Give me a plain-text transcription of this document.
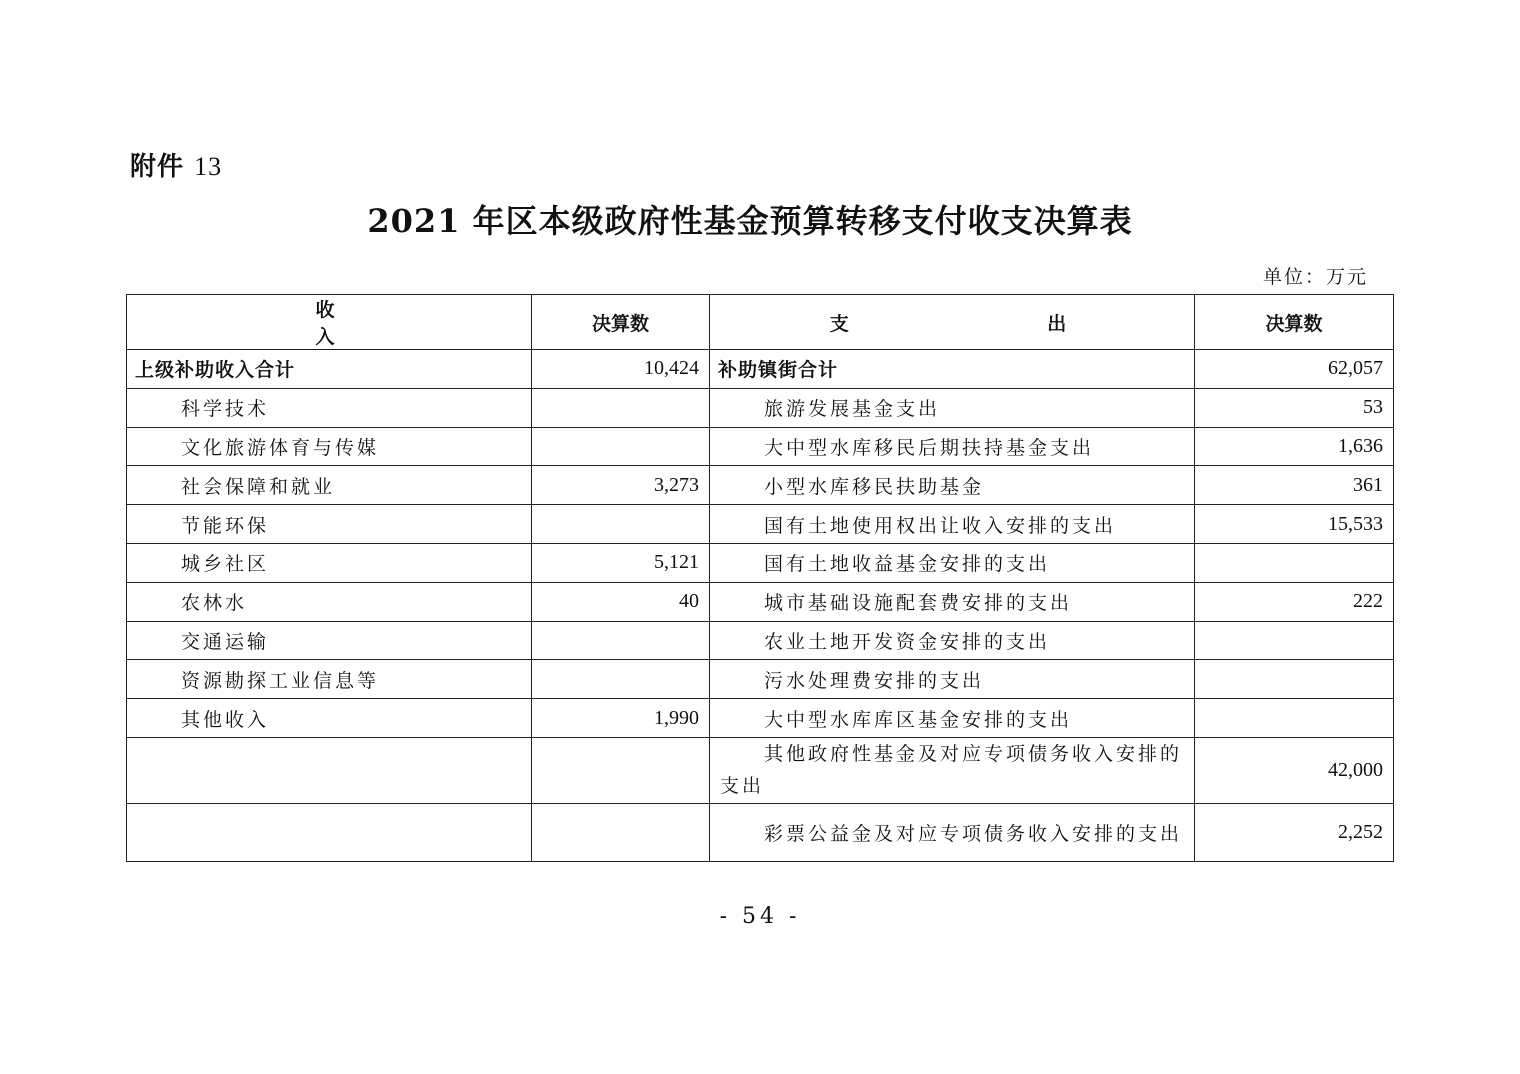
附件 13
2021 年区本级政府性基金预算转移支付收支决算表
单位：万元
收 入	决算数	支 出	决算数
上级补助收入合计	10,424	补助镇街合计	62,057
科学技术		旅游发展基金支出	53
文化旅游体育与传媒		大中型水库移民后期扶持基金支出	1,636
社会保障和就业	3,273	小型水库移民扶助基金	361
节能环保		国有土地使用权出让收入安排的支出	15,533
城乡社区	5,121	国有土地收益基金安排的支出	
农林水	40	城市基础设施配套费安排的支出	222
交通运输		农业土地开发资金安排的支出	
资源勘探工业信息等		污水处理费安排的支出	
其他收入	1,990	大中型水库库区基金安排的支出	
		其他政府性基金及对应专项债务收入安排的支出	42,000
		彩票公益金及对应专项债务收入安排的支出	2,252
- 54 -
